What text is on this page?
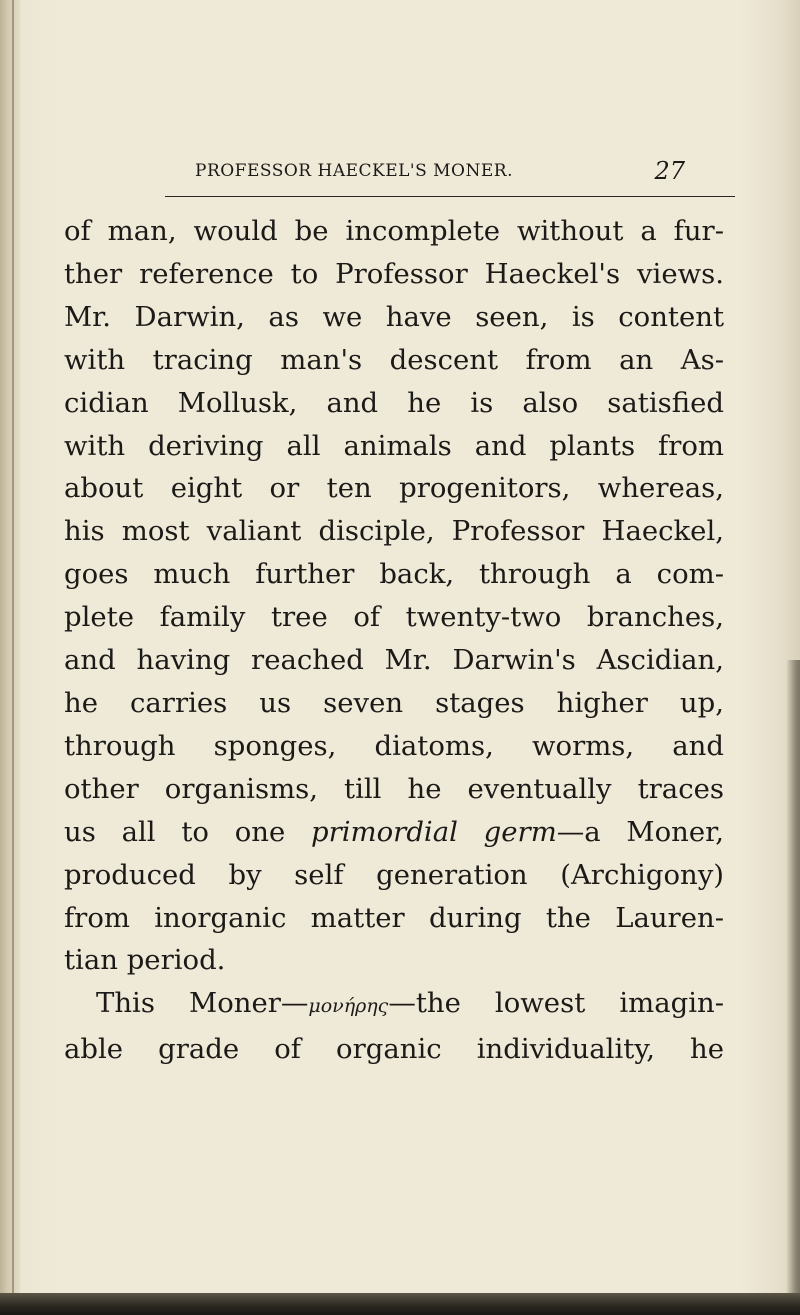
PROFESSOR HAECKEL'S MONER.	27

of man, would be incomplete without a fur-
ther reference to Professor Haeckel's views.
Mr. Darwin, as we have seen, is content
with tracing man's descent from an As-
cidian Mollusk, and he is also satisfied
with deriving all animals and plants from
about eight or ten progenitors, whereas,
his most valiant disciple, Professor Haeckel,
goes much further back, through a com-
plete family tree of twenty-two branches,
and having reached Mr. Darwin's Ascidian,
he carries us seven stages higher up,
through sponges, diatoms, worms, and
other organisms, till he eventually traces
us all to one primordial germ—a Moner,
produced by self generation (Archigony)
from inorganic matter during the Lauren-
tian period.

This Moner—μονήρης—the lowest imagin-
able grade of organic individuality, he
